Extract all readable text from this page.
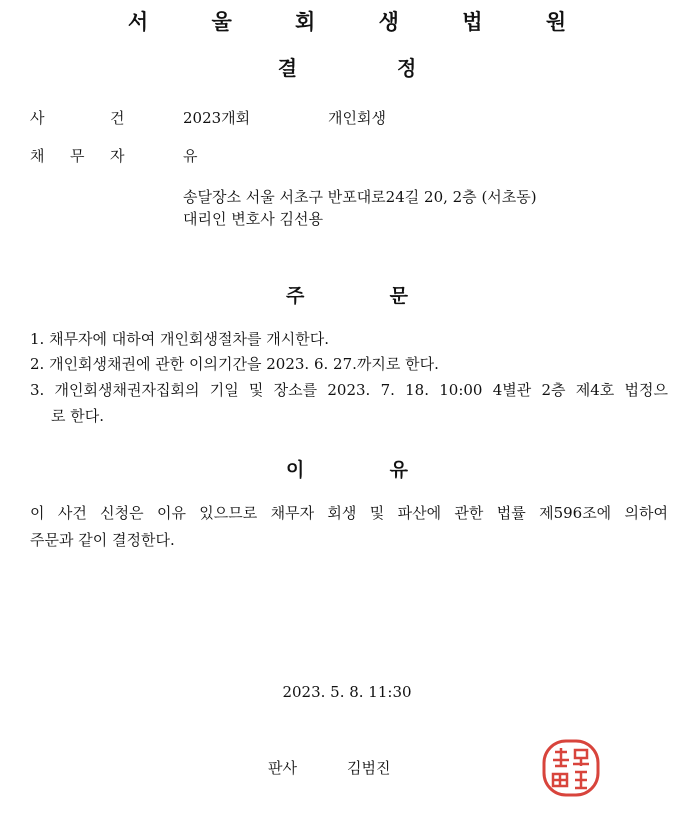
서 울 회 생 법 원
결	정
사	건	2023개회	개인회생
채 무 자	유
송달장소 서울 서초구 반포대로24길 20, 2층 (서초동)
대리인 변호사 김선용
주	문
1. 채무자에 대하여 개인회생절차를 개시한다.
2. 개인회생채권에 관한 이의기간을 2023. 6. 27.까지로 한다.
3. 개인회생채권자집회의 기일 및 장소를 2023. 7. 18. 10:00 4별관 2층 제4호 법정으
로 한다.
이	유
이 사건 신청은 이유 있으므로 채무자 회생 및 파산에 관한 법률 제596조에 의하여
주문과 같이 결정한다.
2023. 5. 8. 11:30
판사	김범진
